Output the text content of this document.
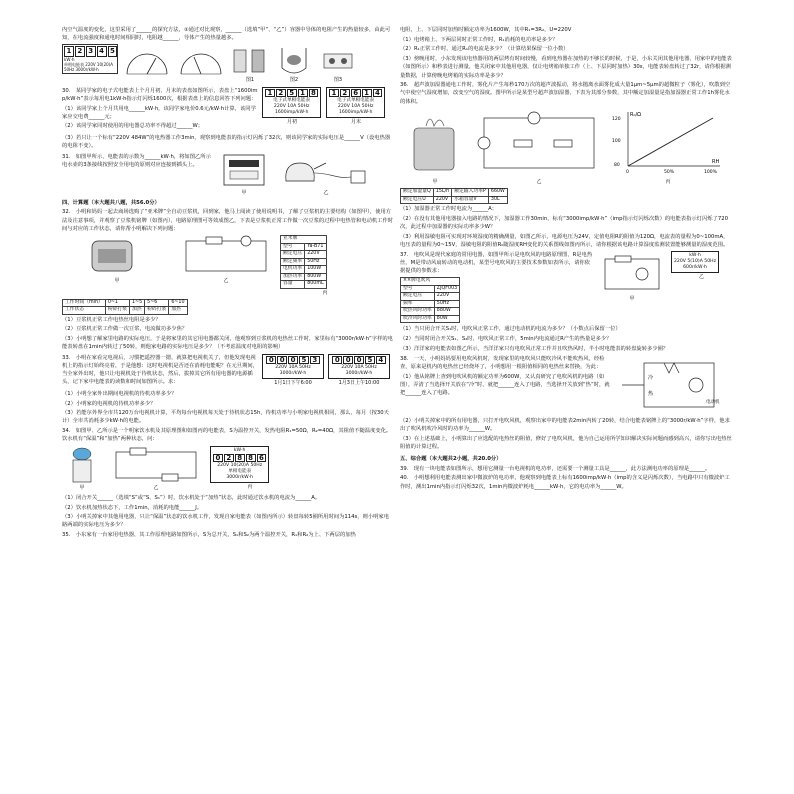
内空气温度的变化，这里采用了______的探究方法，②通过对比观察，______（选填“甲”、“乙”）容器中导体的电阻产生的热量较多，由此可知，在电流强度和通电时间相同时，电阻越______，导体产生的热量越多。

1 2 3 4 5
kW·h
单相电能表 220V 10(20)A 50Hz 3000r/kW·h
图1	图2	图3

30.　某同学家的电子式电能表上个月月初、月末的表盘如图所示，表盘上“1600imp/kW·h”表示每用电1kW·h指示灯闪烁1600次，根据表盘上的信息回答下列问题：

（1）该同学家上个月共用电______kW·h，该同学家电价0.6元/kW·h计算，该同学家应交电费______元；

（2）该同学家同时使用的用电器总功率不得超过______W；

1 2 5 1 8
电子式单相电能表
220V 10A 50Hz
1600imp/kW·h
月初
1 2 6 1 4
电子式单相电能表
220V 10A 50Hz
1600imp/kW·h
月末

（3）若只让一个标有“220V 484W”的电热器工作3min，观察到电能表的指示灯闪烁了32次，则该同学家的实际电压是______V（设电热器的电阻不变）。

31.　如图甲所示，电能表的示数为______kW·h，将如图乙所示电水壶的3条接线按照安全用电的原则对应连接到插头上。

甲	乙

四、计算题（本大题共八题，共56.0分）

32.　小明和妈妈一起去商场选购了“亚米牌”全自动豆浆机，回到家，他马上阅读了使用说明书，了解了豆浆机的主要结构（如图甲），使用方法及注意事项，并观察了豆浆机铭牌（如图丙），电路原理图可等效成图乙，下表是豆浆机正常工作做一次豆浆的过程中电热管和电动机工作时间与对应的工作状态，请你帮小明解决下列问题：

甲	乙
亚米牌	
型号	Ya-B71
额定电压	220V
额定频率	50Hz
电机功率	100W
加热功率	800W
容量	800mL
丙
工作时间（min）	0~1	1~5	5~6	6~10
工作状态	粉碎打浆	加热	粉碎打浆	加热

（1）豆浆机正常工作电热丝电阻是多少？

（2）豆浆机正常工作做一次豆浆，电流做功多少焦？

（3）小明想了解家里电路的实际电压，于是将家里的其它用电器都关闭，他观察到豆浆机的电热丝工作时，家里标有“3000r/kW·h”字样的电能表转盘在1min内转过了50转，则他家电路的实际电压是多少？（不考虑温度对电阻的影响）

33.　小明在家看完电视后，习惯把遥控器一摁，就算把电视机关了，但他发现电视机上的指示灯始终亮着，于是他想：这时电视机是否还在消耗电能呢？在元旦期间，当全家外出时，他只让电视机处于待机状态，然后，拔掉其它所有用电器的电源插头，记下家中电能表的读数和时间如图所示。求：

0 0 0 5 3
220V 10A 50Hz 3000r/kW·h
1月1日下午6:00
0 0 0 5 4
220V 10A 50Hz 3000r/kW·h
1月3日上午10:00

（1）小明全家外出期间电视机的待机功率多少？

（2）小明家的电视机的待机功率多少？

（3）若能尔外界全市共120万台电视机计算，平均每台电视机每天处于待机状态15h，待机功率与小明家电视机相同，那么，每月（按30天计）全市共消耗多少kW·h的电能。

34.　如图甲、乙所示是一个明家饮水机及其原理图和如图丙的电能表，S为温控开关，发热电阻R₁=50Ω，R₂=40Ω，其阻值不随温度变化。饮水机有“保温”和“加热”两种状态，问：

甲	乙
kW·h
0 2 8 8 6
220V 10(20)A 50Hz
单相电能表
3000r/kW·h
丙

（1）闭合开关______（选填“S”或“S、S₁”）时，饮水机处于“加热”状态，此时通过饮水机的电流为______A。

（2）饮水机加热状态下，工作1min，消耗的电能______J。

（3）小明关掉家中其他用电器，只让“保温”状态的饮水机工作，发现自家电能表（如图丙所示）转盘每转5圈所用时间为114s，则小明家电路两端的实际电压为多少？

35.　小东家有一台家用电热器，其工作原理电路如图所示，S为总开关，S₁和S₂为两个温控开关，R₁和R₂为上、下两层的加热

电阻，上、下层同时加热时额定功率为1600W，其中R₁=3R₂，U=220V

（1）电烤箱上、下两层同时正常工作时，R₁消耗的电功率是多少？

（2）R₁正常工作时，通过R₁的电流是多少？（计算结果保留一位小数）

（3）傍晚用时，小东发现该电热器用的两层烤有时间较慢，看到电热器在加热的不够长的时候，于是，小东关闭其他用电器，用家中的电能表（如图所示）和秒表进行测量，他关闭家中其他用电器，仅让电烤箱单独工作（上、下层同时加热）30s，电能表转盘转过了32r，请你根据测量数据，计算傍晚电烤箱的实际功率是多少？

36.　超声波加湿器通电工作时，雾化片产生每秒170万次的超声波振动，将水抛离水面雾化成大量1μm~5μm的超微粒子（雾化），吹散到空气中使空气湿度增加，改变空气的湿度。图甲所示是某型号超声波加湿器，下表为其部分参数，其中额定加湿量是指加湿器正常工作1h雾化水的体积。

甲	乙
R₀/Ω
RH
0	50%	100%
80
100
120
丙
额定加湿量Q	15L/h	额定输入功率P	660W
额定电压U	220V	水箱容量V	30L

（1）加湿器正常工作时电流为______A；

（2）在没有其他用电器接入电路的情况下，加湿器工作30min，标有“3000imp/kW·h”（imp指示灯闪烁次数）的电能表指示灯闪烁了720次，此过程中加湿器的实际功率多少W？

（3）利用湿敏电阻可实现对环境湿度的精确测量，如图乙所示，电源电压为24V，定值电阻R的阻值为120Ω，电流表的量程为0~100mA，电压表的量程为0~15V，湿敏电阻的阻值R₀随湿度RH变化的关系图线如图丙所示，请你根据该电路计算湿度监测装置能够测量的湿度范围。

37.　电吹风是现代家庭的常用电器，如图甲所示是电吹风的电路原理图，R是电热丝，M是带动风扇转动的电动机，某型号电吹风的主要技术参数如表所示，请你依据提供的参数求：

××牌电吹风	
型号	ZJQF003
额定电压	220V
频率	50Hz
吹热风时功率	880W
吹冷风时功率	80W
甲
kW·h
220V 5(10)A 50Hz
600r/kW·h
乙

（1）当只闭合开关S₁时，电吹风正常工作，通过电动机的电流为多少？（小数点后保留一位）

（2）当同时闭合开关S₁、S₂时，电吹风正常工作，5min内电流通过R产生的热量是多少？

（3）洋洋家的电能表如图乙所示，当洋洋家只有电吹风正常工作并且吹热风时，半小时电能表的转盘旋转多少圈？

38.　一天，小明妈妈要用电吹风机时，发现家里的电吹风只能吹冷风不能吹热风，经检查，原来是机内的电热丝已经烧坏了，小明想用一根阻值相同的电热丝来替换，为此：

（1）他从铭牌上查到电吹风机的额定功率为600W，又认真研究了电吹风机的电路（如图），弄清了当选择开关放在“冷”时，就把______连入了电路，当选择开关放到“热”时，就把______连入了电路。

冷
热
电动机

（2）小明关掉家中的所有用电器，只打开电吹风机，观察出家中的电能表2min内转了20转，结合电能表铭牌上的“3000r/kW·h”字样，他求出了吹风机吹冷风时的功率为______W。

（3）在上述基础上，小明算出了应选配的电热丝的阻值，修好了电吹风机，他为自己运用所学知识解决实际问题而感到高兴，请你写出电热丝阻值的计算过程。

五、综合题（本大题共2小题，共20.0分）

39.　现有一块电能表如图所示，想用它测量一台电视机的电功率，还需要一个测量工具是______，此方法测电功率的原理是______。

40.　小明想利用电能表测出家中微波炉的电功率，他观察到电能表上标有1600imp/kW·h（imp的含义是闪烁次数），当电路中只有微波炉工作时，测出1min内指示灯闪烁32次，1min内微波炉耗电______kW·h，它的电功率为______W。
